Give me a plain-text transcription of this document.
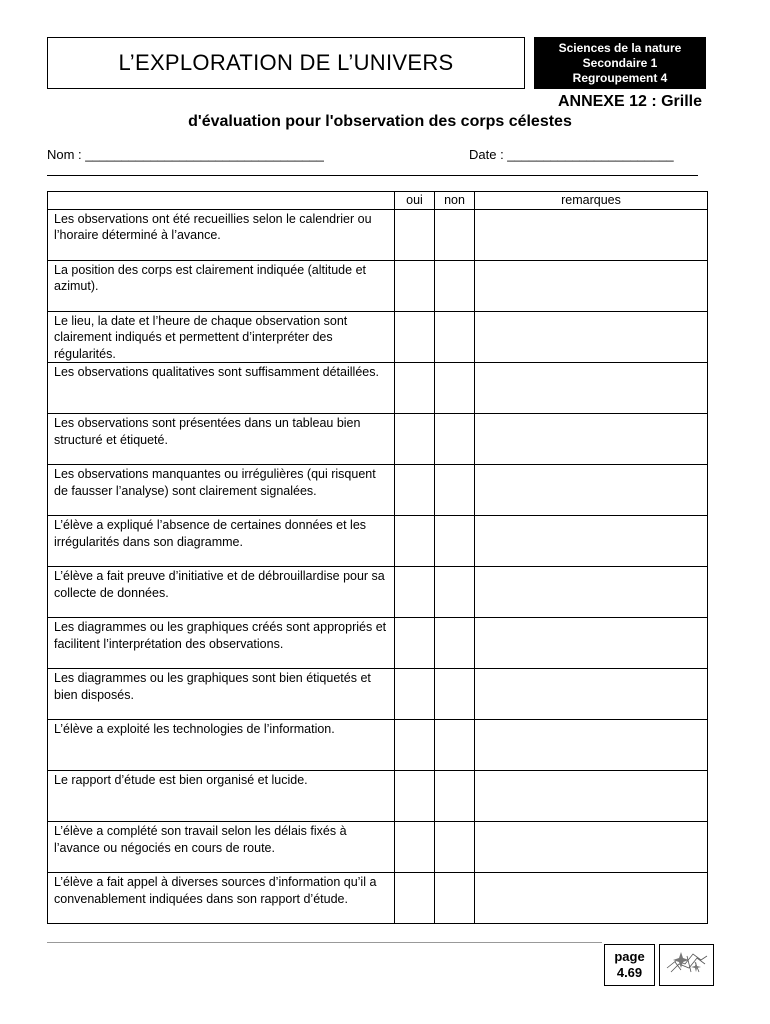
L’EXPLORATION DE L’UNIVERS
Sciences de la nature
Secondaire 1
Regroupement 4
ANNEXE 12 : Grille
d'évaluation pour l'observation des corps célestes
Nom : _________________________________	Date : _______________________
	oui	non	remarques
Les observations ont été recueillies selon le calendrier ou l’horaire déterminé à l’avance.			
La position des corps est clairement indiquée (altitude et azimut).			
Le lieu, la date et l’heure de chaque observation sont clairement indiqués et permettent d’interpréter des régularités.			
Les observations qualitatives sont suffisamment détaillées.			
Les observations sont présentées dans un tableau bien structuré et étiqueté.			
Les observations manquantes ou irrégulières (qui risquent de fausser l’analyse) sont clairement signalées.			
L’élève a expliqué l’absence de certaines données et les irrégularités dans son diagramme.			
L’élève a fait preuve d’initiative et de débrouillardise pour sa collecte de données.			
Les diagrammes ou les graphiques créés sont appropriés et facilitent l’interprétation des observations.			
Les diagrammes ou les graphiques sont bien étiquetés et bien disposés.			
L’élève a exploité les technologies de l’information.			
Le rapport d’étude est bien organisé et lucide.			
L’élève a complété son travail selon les délais fixés à l’avance ou négociés en cours de route.			
L’élève a fait appel à diverses sources d’information qu’il a convenablement indiquées dans son rapport d’étude.			
page
4.69
